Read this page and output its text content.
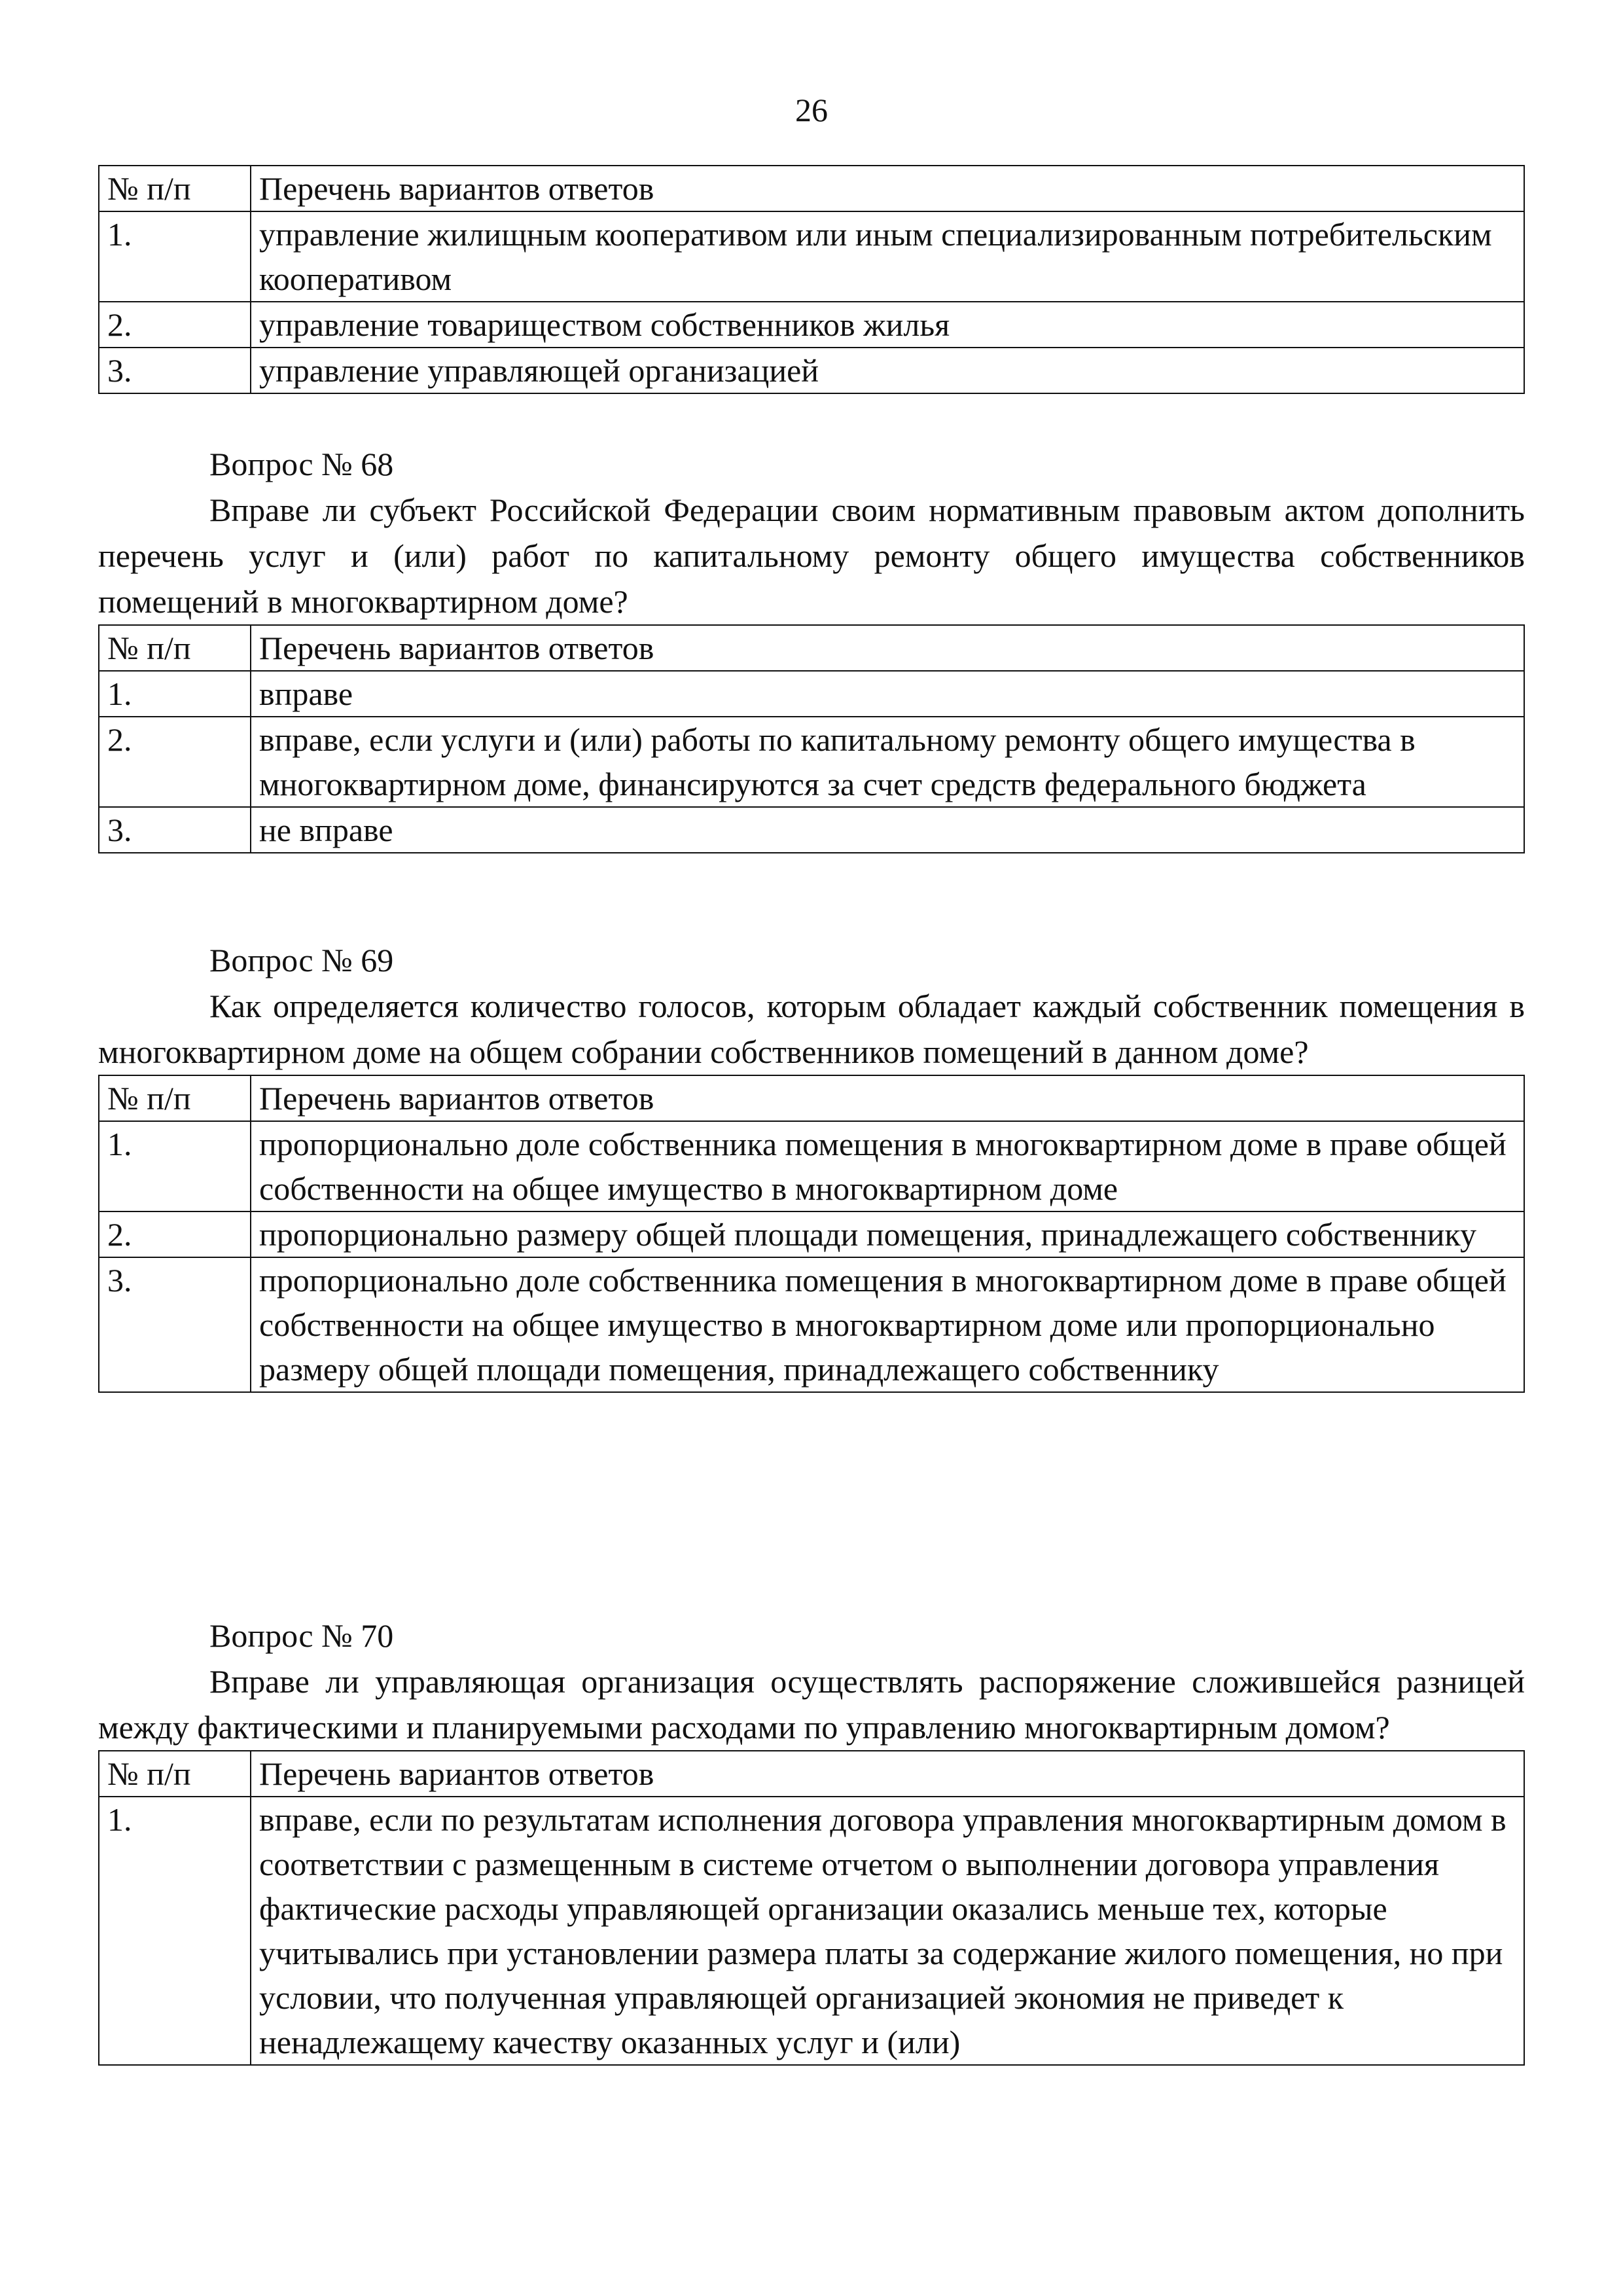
26
№ п/п	Перечень вариантов ответов
1.	управление жилищным кооперативом или иным специализированным потребительским кооперативом
2.	управление товариществом собственников жилья
3.	управление управляющей организацией
Вопрос № 68
Вправе ли субъект Российской Федерации своим нормативным правовым актом дополнить перечень услуг и (или) работ по капитальному ремонту общего имущества собственников помещений в многоквартирном доме?
№ п/п	Перечень вариантов ответов
1.	вправе
2.	вправе, если услуги и (или) работы по капитальному ремонту общего имущества в многоквартирном доме, финансируются за счет средств федерального бюджета
3.	не вправе
Вопрос № 69
Как определяется количество голосов, которым обладает каждый собственник помещения в многоквартирном доме на общем собрании собственников помещений в данном доме?
№ п/п	Перечень вариантов ответов
1.	пропорционально доле собственника помещения в многоквартирном доме в праве общей собственности на общее имущество в многоквартирном доме
2.	пропорционально размеру общей площади помещения, принадлежащего собственнику
3.	пропорционально доле собственника помещения в многоквартирном доме в праве общей собственности на общее имущество в многоквартирном доме или пропорционально размеру общей площади помещения, принадлежащего собственнику
Вопрос № 70
Вправе ли управляющая организация осуществлять распоряжение сложившейся разницей между фактическими и планируемыми расходами по управлению многоквартирным домом?
№ п/п	Перечень вариантов ответов
1.	вправе, если по результатам исполнения договора управления многоквартирным домом в соответствии с размещенным в системе отчетом о выполнении договора управления фактические расходы управляющей организации оказались меньше тех, которые учитывались при установлении размера платы за содержание жилого помещения, но при условии, что полученная управляющей организацией экономия не приведет к ненадлежащему качеству оказанных услуг и (или)
